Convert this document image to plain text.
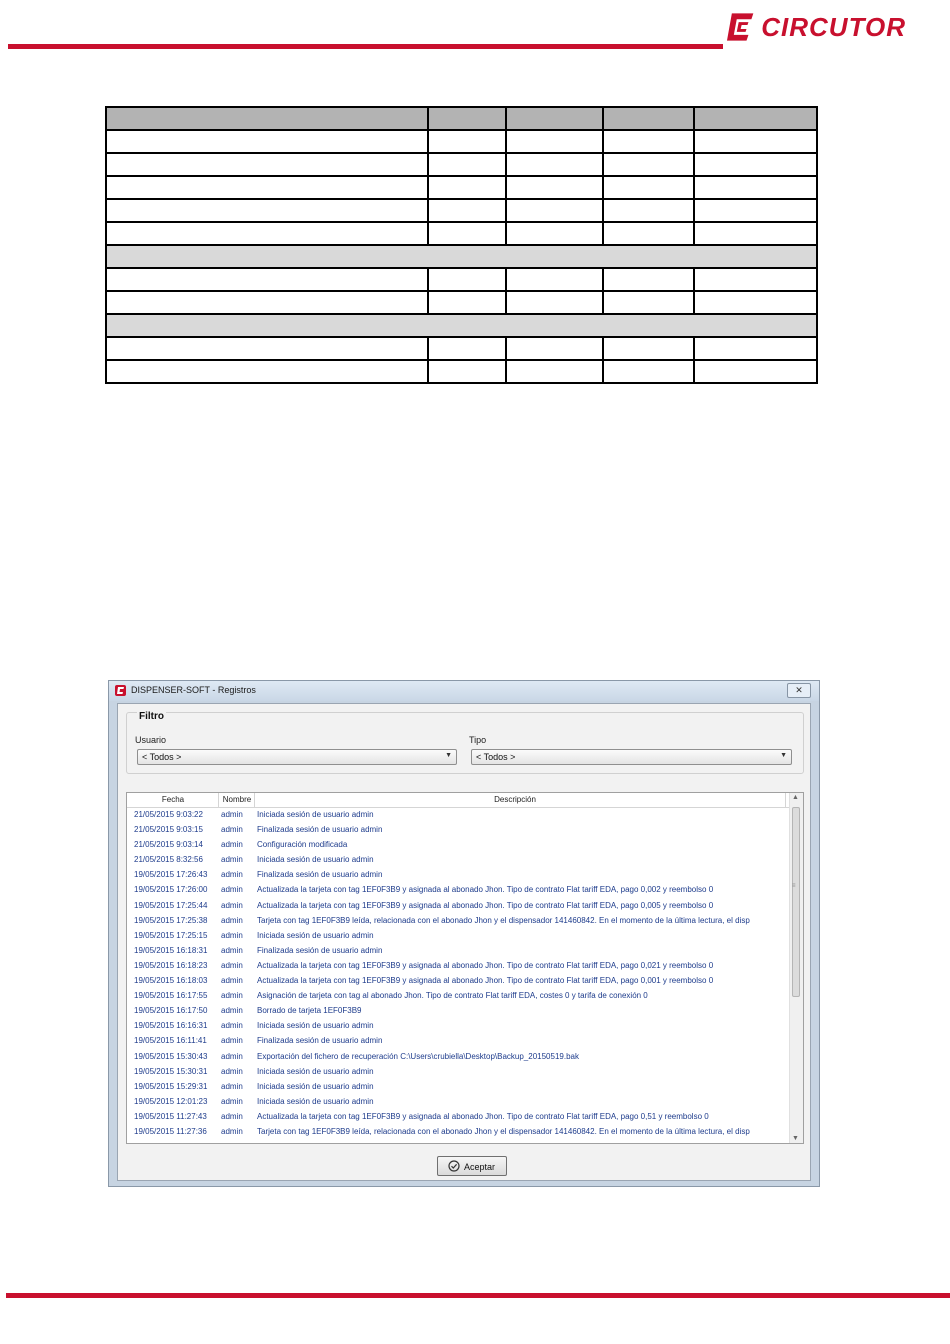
CIRCUTOR

DISPENSER-SOFT - Registros	✕
Filtro
Usuario
< Todos >	▼
Tipo
< Todos >	▼
Fecha	Nombre	Descripción
21/05/2015 9:03:22 admin Iniciada sesión de usuario admin
21/05/2015 9:03:15 admin Finalizada sesión de usuario admin
21/05/2015 9:03:14 admin Configuración modificada
21/05/2015 8:32:56 admin Iniciada sesión de usuario admin
19/05/2015 17:26:43 admin Finalizada sesión de usuario admin
19/05/2015 17:26:00 admin Actualizada la tarjeta con tag 1EF0F3B9 y asignada al abonado Jhon. Tipo de contrato Flat tariff EDA, pago 0,002 y reembolso 0
19/05/2015 17:25:44 admin Actualizada la tarjeta con tag 1EF0F3B9 y asignada al abonado Jhon. Tipo de contrato Flat tariff EDA, pago 0,005 y reembolso 0
19/05/2015 17:25:38 admin Tarjeta con tag 1EF0F3B9 leída, relacionada con el abonado Jhon y el dispensador 141460842. En el momento de la última lectura, el disp
19/05/2015 17:25:15 admin Iniciada sesión de usuario admin
19/05/2015 16:18:31 admin Finalizada sesión de usuario admin
19/05/2015 16:18:23 admin Actualizada la tarjeta con tag 1EF0F3B9 y asignada al abonado Jhon. Tipo de contrato Flat tariff EDA, pago 0,021 y reembolso 0
19/05/2015 16:18:03 admin Actualizada la tarjeta con tag 1EF0F3B9 y asignada al abonado Jhon. Tipo de contrato Flat tariff EDA, pago 0,001 y reembolso 0
19/05/2015 16:17:55 admin Asignación de tarjeta con tag al abonado Jhon. Tipo de contrato Flat tariff EDA, costes 0 y tarifa de conexión 0
19/05/2015 16:17:50 admin Borrado de tarjeta 1EF0F3B9
19/05/2015 16:16:31 admin Iniciada sesión de usuario admin
19/05/2015 16:11:41 admin Finalizada sesión de usuario admin
19/05/2015 15:30:43 admin Exportación del fichero de recuperación C:\Users\crubiella\Desktop\Backup_20150519.bak
19/05/2015 15:30:31 admin Iniciada sesión de usuario admin
19/05/2015 15:29:31 admin Iniciada sesión de usuario admin
19/05/2015 12:01:23 admin Iniciada sesión de usuario admin
19/05/2015 11:27:43 admin Actualizada la tarjeta con tag 1EF0F3B9 y asignada al abonado Jhon. Tipo de contrato Flat tariff EDA, pago 0,51 y reembolso 0
19/05/2015 11:27:36 admin Tarjeta con tag 1EF0F3B9 leída, relacionada con el abonado Jhon y el dispensador 141460842. En el momento de la última lectura, el disp
▲
≡
▼
Aceptar
